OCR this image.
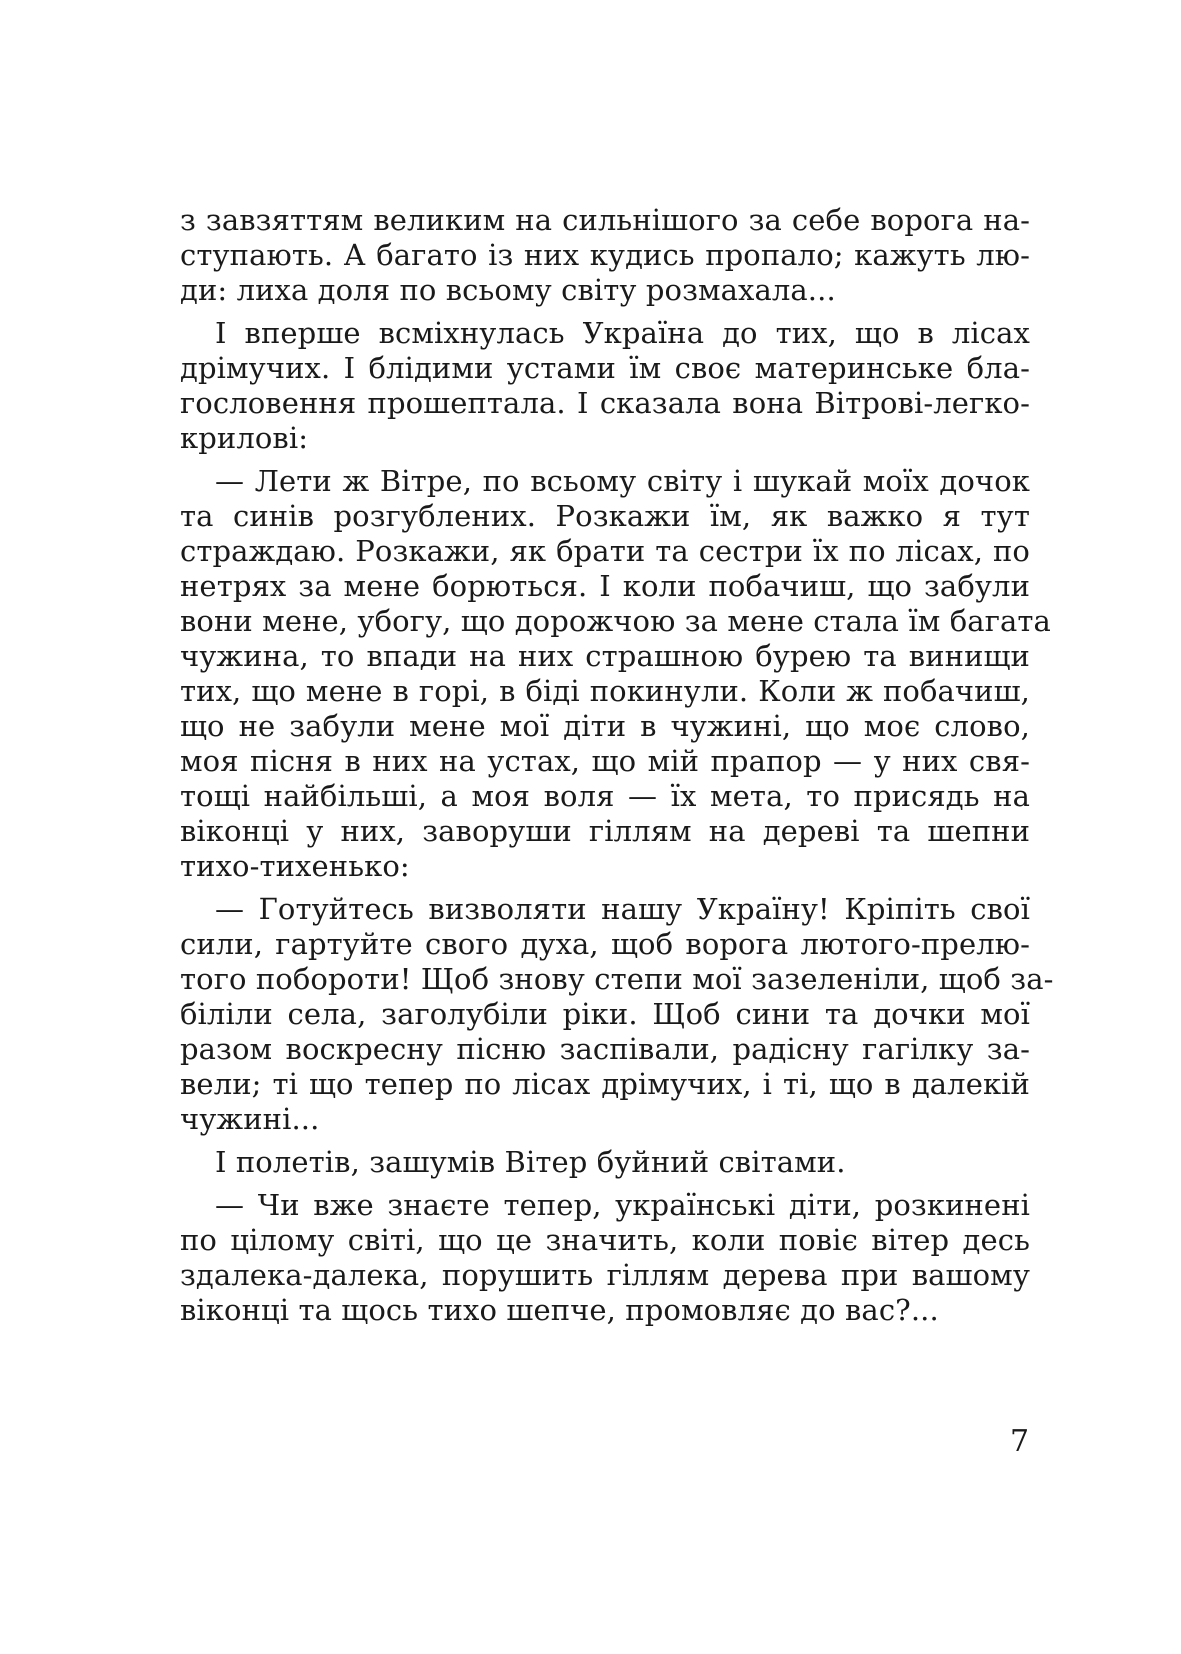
з завзяттям великим на сильнішого за себе ворога на-
ступають. А багато із них кудись пропало; кажуть лю-
ди: лиха доля по всьому світу розмахала...
І вперше всміхнулась Україна до тих, що в лісах
дрімучих. І блідими устами їм своє материнське бла-
гословення прошептала. І сказала вона Вітрові-легко-
криловi:
— Лети ж Вітре, по всьому світу і шукай моїх дочок
та синів розгублених. Розкажи їм, як важко я тут
страждаю. Розкажи, як брати та сестри їх по лісах, по
нетрях за мене борються. І коли побачиш, що забули
вони мене, убогу, що дорожчою за мене стала їм багата
чужина, то впади на них страшною бурею та винищи
тих, що мене в горі, в біді покинули. Коли ж побачиш,
що не забули мене мої діти в чужині, що моє слово,
моя пісня в них на устах, що мій прапор — у них свя-
тощі найбільші, а моя воля — їх мета, то присядь на
віконці у них, заворуши гіллям на дереві та шепни
тихо-тихенько:
— Готуйтесь визволяти нашу Україну! Кріпіть свої
сили, гартуйте свого духа, щоб ворога лютого-прелю-
того побороти! Щоб знову степи мої зазеленіли, щоб за-
біліли села, заголубіли ріки. Щоб сини та дочки мої
разом воскресну пісню заспівали, радісну гагілку за-
вели; ті що тепер по лісах дрімучих, і ті, що в далекій
чужині...
І полетів, зашумів Вітер буйний світами.
— Чи вже знаєте тепер, українські діти, розкинені
по цілому світі, що це значить, коли повіє вітер десь
здалека-далека, порушить гіллям дерева при вашому
віконці та щось тихо шепче, промовляє до вас?...
7
